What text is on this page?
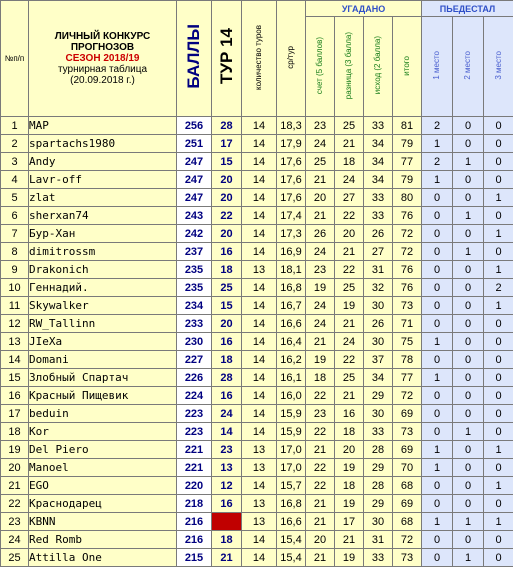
№п/п	ЛИЧНЫЙ КОНКУРС
ПРОГНОЗОВ
СЕЗОН 2018/19
турнирная таблица
(20.09.2018 г.)	БАЛЛЫ	ТУР 14	количество туров	ср/тур	УГАДАНО				ПЬЕДЕСТАЛ		
						счет (5 баллов)	разница (3 балла)	исход (2 балла)	итого	1 место	2 место	3 место
1	МАР	256	28	14	18,3	23	25	33	81	2	0	0
2	spartachs1980	251	17	14	17,9	24	21	34	79	1	0	0
3	Andy	247	15	14	17,6	25	18	34	77	2	1	0
4	Lavr-off	247	20	14	17,6	21	24	34	79	1	0	0
5	zlat	247	20	14	17,6	20	27	33	80	0	0	1
6	sherxan74	243	22	14	17,4	21	22	33	76	0	1	0
7	Бур-Хан	242	20	14	17,3	26	20	26	72	0	0	1
8	dimitrossm	237	16	14	16,9	24	21	27	72	0	1	0
9	Drakonich	235	18	13	18,1	23	22	31	76	0	0	1
10	Геннадий.	235	25	14	16,8	19	25	32	76	0	0	2
11	Skywalker	234	15	14	16,7	24	19	30	73	0	0	1
12	RW_Tallinn	233	20	14	16,6	24	21	26	71	0	0	0
13	JIeXa	230	16	14	16,4	21	24	30	75	1	0	0
14	Domani	227	18	14	16,2	19	22	37	78	0	0	0
15	Злобный Спартач	226	28	14	16,1	18	25	34	77	1	0	0
16	Красный Пищевик	224	16	14	16,0	22	21	29	72	0	0	0
17	beduin	223	24	14	15,9	23	16	30	69	0	0	0
18	Kor	223	14	14	15,9	22	18	33	73	0	1	0
19	Del Piero	221	23	13	17,0	21	20	28	69	1	0	1
20	Manoel	221	13	13	17,0	22	19	29	70	1	0	0
21	EGO	220	12	14	15,7	22	18	28	68	0	0	1
22	Краснодарец	218	16	13	16,8	21	19	29	69	0	0	0
23	KBNN	216		13	16,6	21	17	30	68	1	1	1
24	Red Romb	216	18	14	15,4	20	21	31	72	0	0	0
25	Attilla One	215	21	14	15,4	21	19	33	73	0	1	0
